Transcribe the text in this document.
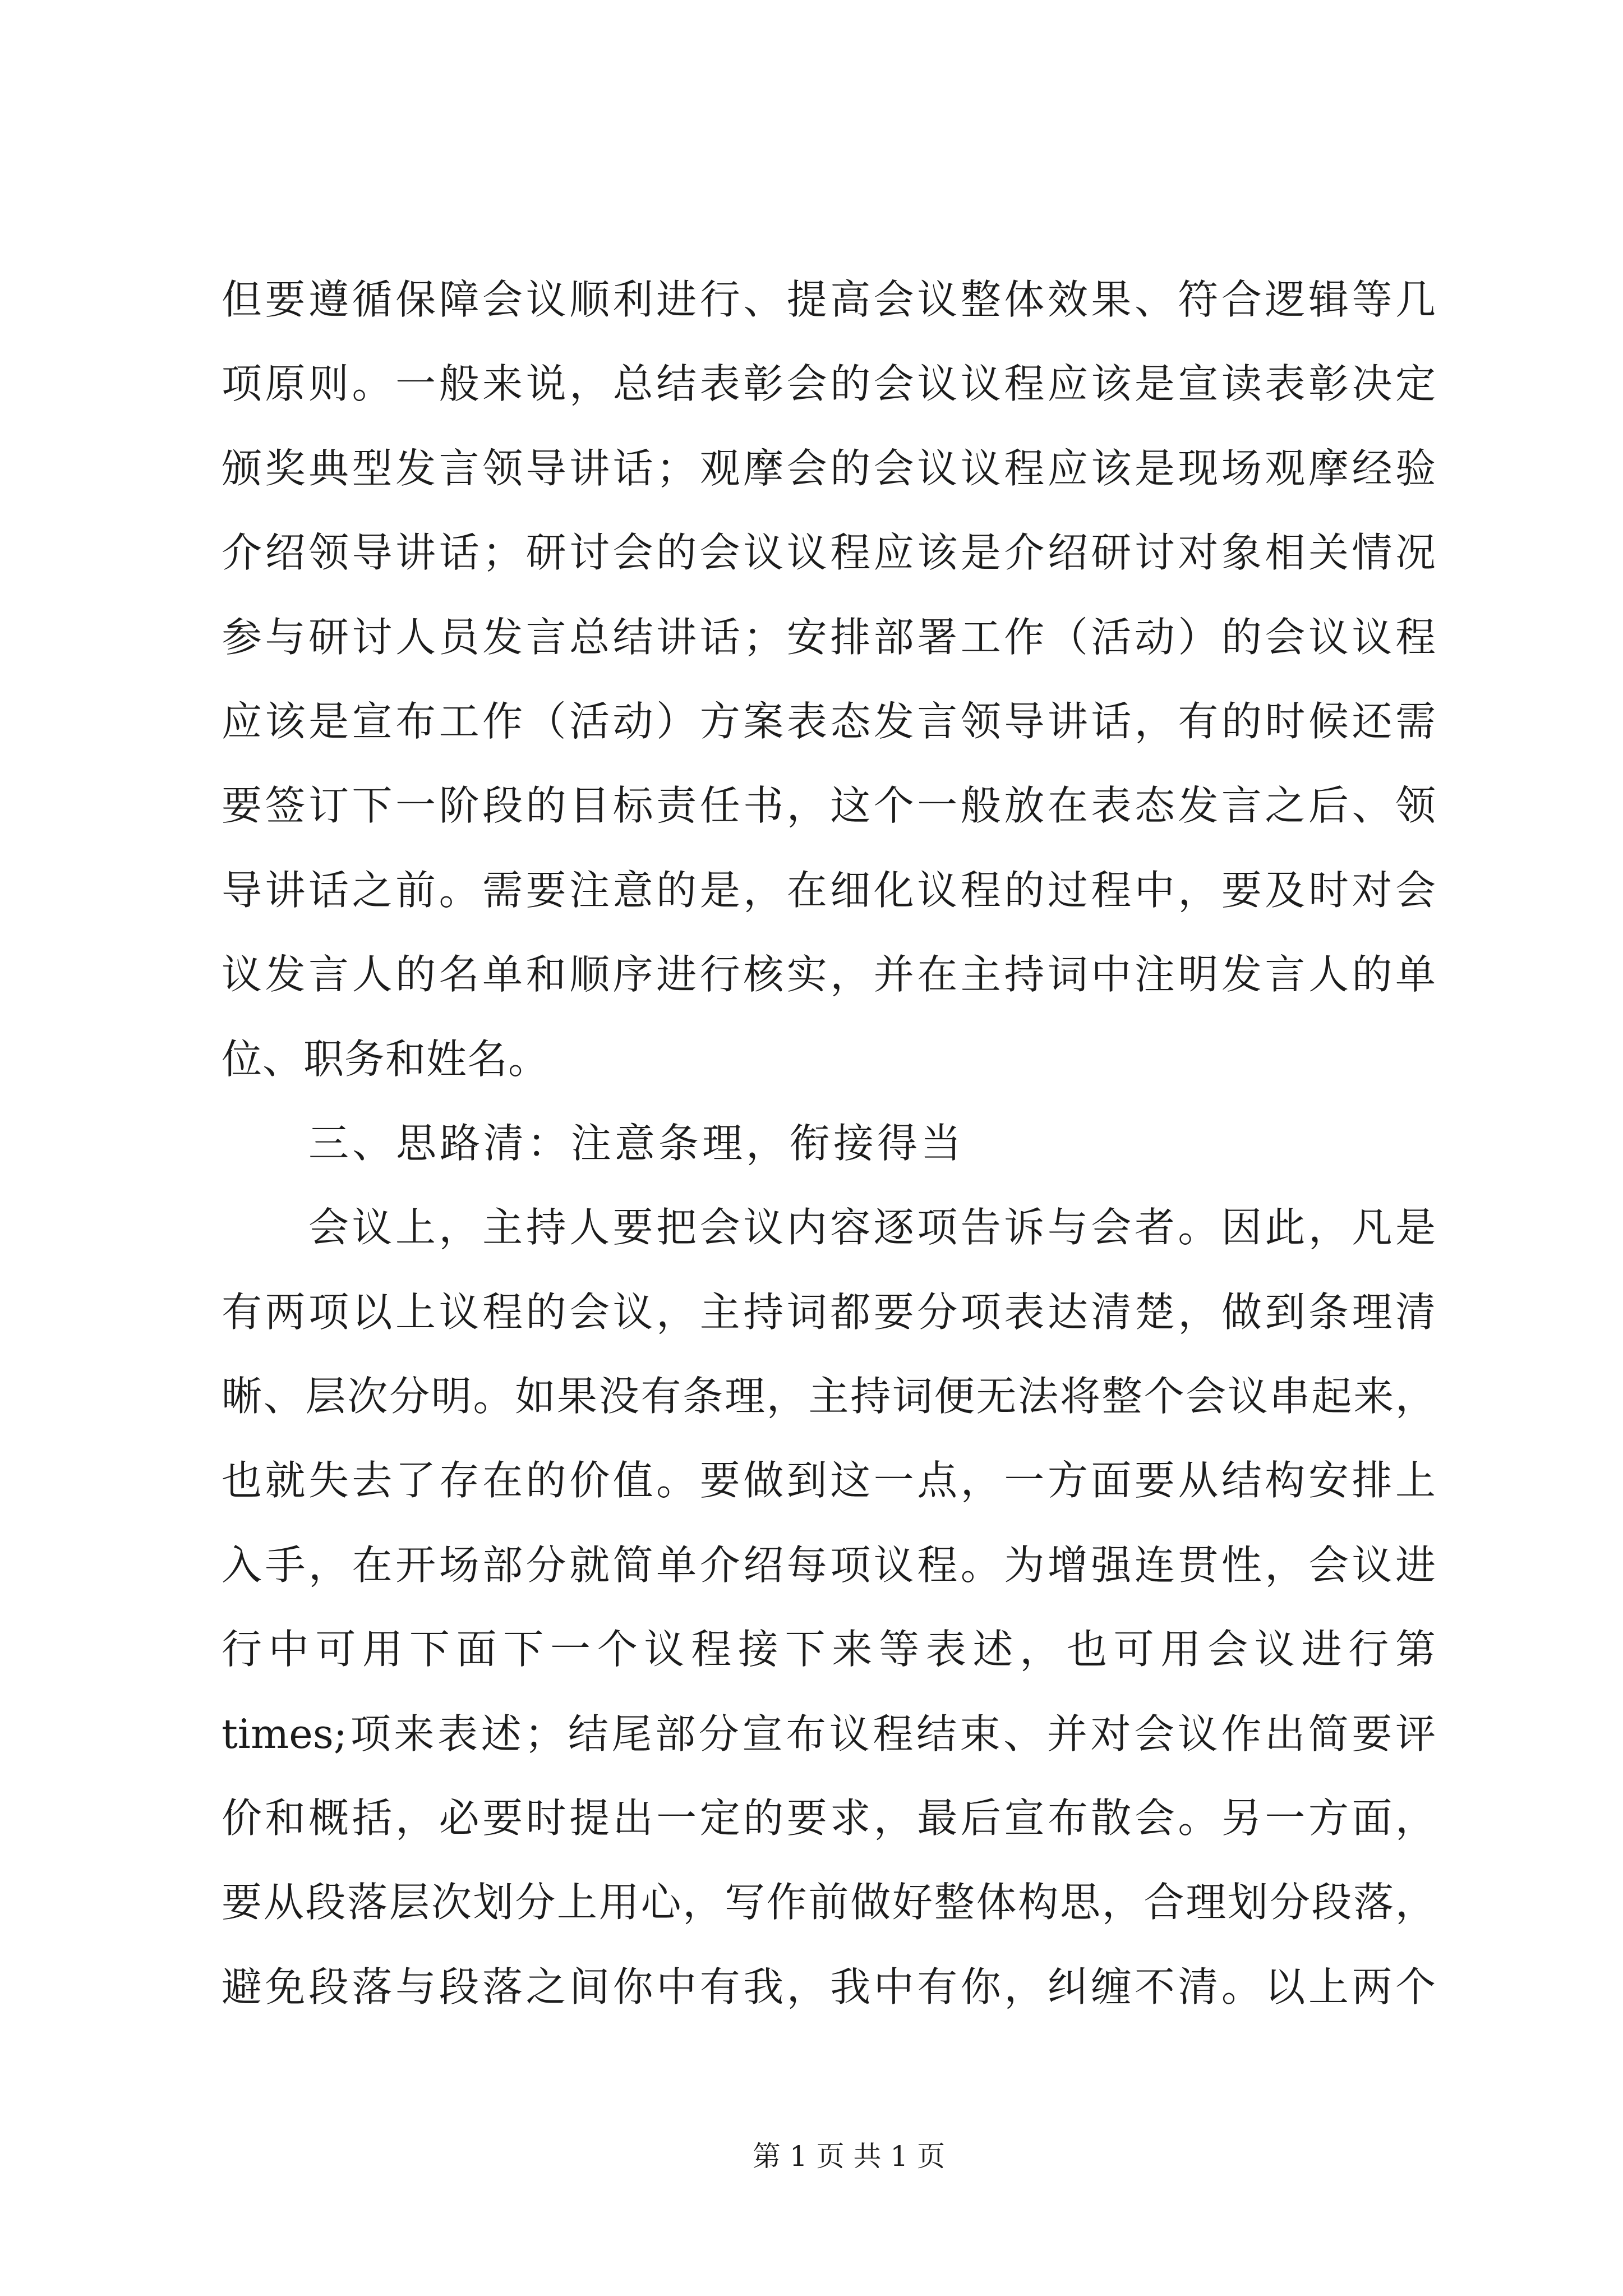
但要遵循保障会议顺利进行、提高会议整体效果、符合逻辑等几
项原则。一般来说，总结表彰会的会议议程应该是宣读表彰决定
颁奖典型发言领导讲话；观摩会的会议议程应该是现场观摩经验
介绍领导讲话；研讨会的会议议程应该是介绍研讨对象相关情况
参与研讨人员发言总结讲话；安排部署工作（活动）的会议议程
应该是宣布工作（活动）方案表态发言领导讲话，有的时候还需
要签订下一阶段的目标责任书，这个一般放在表态发言之后、领
导讲话之前。需要注意的是，在细化议程的过程中，要及时对会
议发言人的名单和顺序进行核实，并在主持词中注明发言人的单
位、职务和姓名。
三、思路清：注意条理，衔接得当
会议上，主持人要把会议内容逐项告诉与会者。因此，凡是
有两项以上议程的会议，主持词都要分项表达清楚，做到条理清
晰、层次分明。如果没有条理，主持词便无法将整个会议串起来，
也就失去了存在的价值。要做到这一点，一方面要从结构安排上
入手，在开场部分就简单介绍每项议程。为增强连贯性，会议进
行中可用下面下一个议程接下来等表述，也可用会议进行第
times;项来表述；结尾部分宣布议程结束、并对会议作出简要评
价和概括，必要时提出一定的要求，最后宣布散会。另一方面，
要从段落层次划分上用心，写作前做好整体构思，合理划分段落，
避免段落与段落之间你中有我，我中有你，纠缠不清。以上两个
第 1 页 共 1 页
